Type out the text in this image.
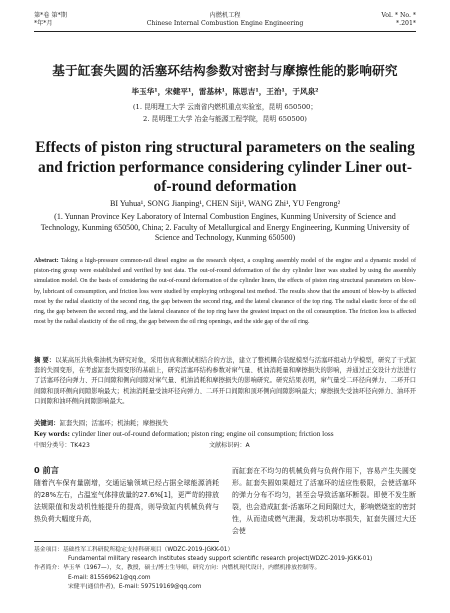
第*卷 第*期
*年*月
内燃机工程
Chinese Internal Combustion Engine Engineering
Vol. * No. *
*.201*
基于缸套失圆的活塞环结构参数对密封与摩擦性能的影响研究
毕玉华¹，宋健平¹，雷基林¹，陈思吉¹，王治¹，于风泉²
(1. 昆明理工大学 云南省内燃机重点实验室，昆明 650500；
2. 昆明理工大学 冶金与能源工程学院，昆明 650500)
Effects of piston ring structural parameters on the sealing and friction performance considering cylinder Liner out-of-round deformation
BI Yuhua¹, SONG Jianping¹, CHEN Siji¹, WANG Zhi¹, YU Fengrong²
(1. Yunnan Province Key Laboratory of Internal Combustion Engines, Kunming University of Science and Technology, Kunming 650500, China; 2. Faculty of Metallurgical and Energy Engineering, Kunming University of Science and Technology, Kunming 650500)
Abstract: Taking a high-pressure common-rail diesel engine as the research object, a coupling assembly model of the engine and a dynamic model of piston-ring group were established and verified by test data. The out-of-round deformation of the dry cylinder liner was studied by using the assembly simulation model. On the basis of considering the out-of-round deformation of the cylinder liners, the effects of piston ring structural parameters on blow-by, lubricant oil consumption, and friction loss were studied by employing orthogonal test method. The results show that the amount of blow-by is affected most by the radial elasticity of the second ring, the gap between the second ring, and the lateral clearance of the top ring. The radial elastic force of the oil ring, the gap between the second ring, and the lateral clearance of the top ring have the greatest impact on the oil consumption. The friction loss is affected most by the radial elasticity of the oil ring, the gap between the oil ring openings, and the side gap of the oil ring.
摘 要：以某高压共轨柴油机为研究对象，采用仿真和测试相结合的方法，建立了整机耦合装配模型与活塞环组动力学模型，研究了干式缸套的失圆变形，在考虑缸套失圆变形的基础上，研究活塞环结构参数对窜气量、机油消耗量和摩擦损失的影响，并通过正交设计方法进行了活塞环径向弹力、开口间隙和侧向间隙对窜气量、机油消耗和摩擦损失的影响研究。研究结果表明，窜气量受二环径向弹力、二环开口间隙和顶环侧向间隙影响最大；机油消耗量受油环径向弹力、二环开口间隙和顶环侧向间隙影响最大；摩擦损失受油环径向弹力、油环开口间隙和油环侧向间隙影响最大。
关键词：缸套失圆；活塞环；机油耗；摩擦损失
Key words: cylinder liner out-of-round deformation; piston ring; engine oil consumption; friction loss
中图分类号：TK423	文献标识码：A
0 前言
随着汽车保有量剧增，交通运输领域已经占据全球能源消耗的28%左右，占温室气体排放量的27.6%[1]，更严苛的排放法规限值和发动机性能提升的提高，则导致缸内机械负荷与热负荷大幅度升高，
而缸套在不均匀的机械负荷与负荷作用下，容易产生失圆变形。缸套失圆如果超过了活塞环的适应性极限，会使活塞环的弹力分布不均匀，甚至会导致活塞环断裂。即使不发生断裂，也会造成缸套-活塞环之间间隙过大，影响燃烧室的密封性，从而造成燃气泄漏，发动机功率损失，缸套失圆过大还会使
基金项目：基础性军工科研院所稳定支持科研项目（WDZC-2019-JGKK-01）
Fundamental military research institutes steady support scientific research project(WDZC-2019-JGKK-01)
作者简介：毕玉华（1967—），女，教授，硕士/博士生导师，研究方向：内燃机现代设计，内燃机排放控制等。
E-mail: 815569621@qq.com
宋健平(通信作者)，E-mail: 597519169@qq.com
